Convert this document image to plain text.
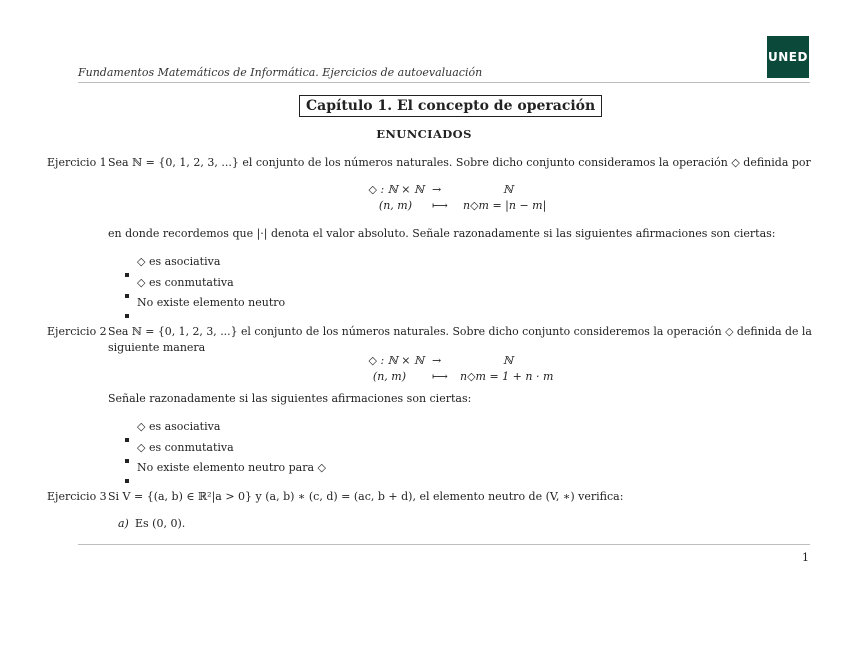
UNED
Fundamentos Matemáticos de Informática. Ejercicios de autoevaluación
Capítulo 1. El concepto de operación
ENUNCIADOS
Ejercicio 1 Sea ℕ = {0, 1, 2, 3, ...} el conjunto de los números naturales. Sobre dicho conjunto consideramos la operación ◇ definida por
◇ : ℕ × ℕ →	ℕ
(n, m) ⟼ n◇m = |n − m|
en donde recordemos que |·| denota el valor absoluto. Señale razonadamente si las siguientes afirmaciones son ciertas:
◇ es asociativa
◇ es conmutativa
No existe elemento neutro
Ejercicio 2 Sea ℕ = {0, 1, 2, 3, ...} el conjunto de los números naturales. Sobre dicho conjunto consideremos la operación ◇ definida de la
siguiente manera
◇ : ℕ × ℕ →	ℕ
(n, m) ⟼ n◇m = 1 + n · m
Señale razonadamente si las siguientes afirmaciones son ciertas:
◇ es asociativa
◇ es conmutativa
No existe elemento neutro para ◇
Ejercicio 3 Si V = {(a, b) ∈ ℝ²|a > 0} y (a, b) ∗ (c, d) = (ac, b + d), el elemento neutro de (V, ∗) verifica:
a) Es (0, 0).
1
